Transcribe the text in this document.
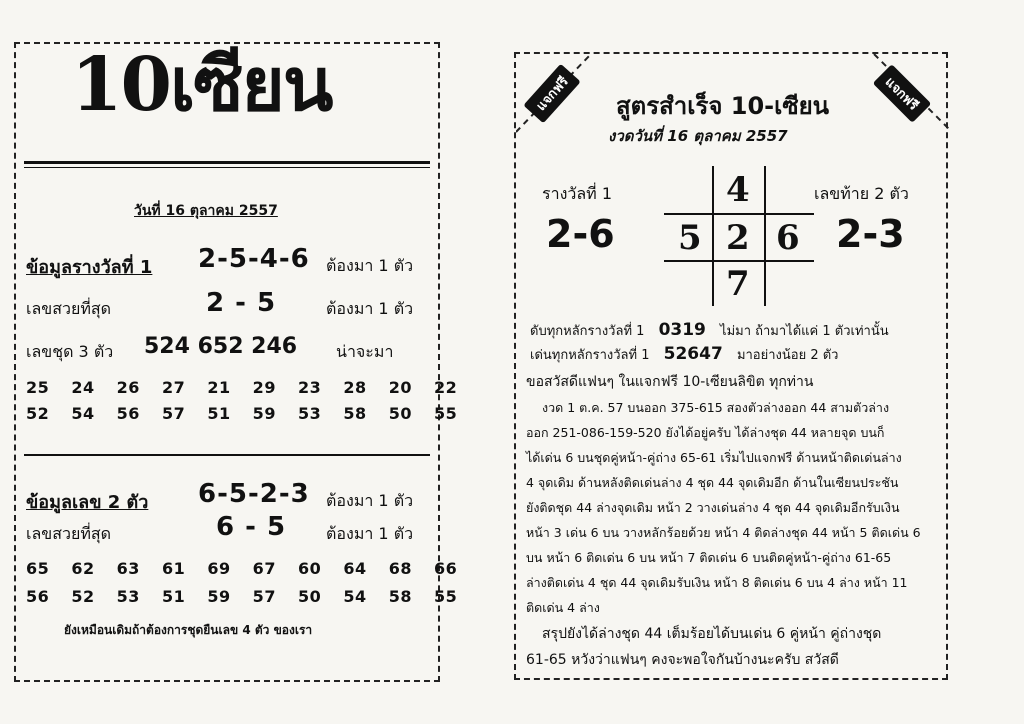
10เซียน
วันที่ 16 ตุลาคม 2557
ข้อมูลรางวัลที่ 1 2-5-4-6 ต้องมา 1 ตัว
เลขสวยที่สุด	2 - 5	ต้องมา 1 ตัว
เลขชุด 3 ตัว 524 652 246 น่าจะมา
25 24 26 27 21 29 23 28 20 22
52 54 56 57 51 59 53 58 50 55
ข้อมูลเลข 2 ตัว 6-5-2-3 ต้องมา 1 ตัว
เลขสวยที่สุด	6 - 5 ต้องมา 1 ตัว
65 62 63 61 69 67 60 64 68 66
56 52 53 51 59 57 50 54 58 55
ยังเหมือนเดิมถ้าต้องการชุดยืนเลข 4 ตัว ของเรา
แจกฟรี	แจกฟรี
สูตรสำเร็จ 10-เซียน
งวดวันที่ 16 ตุลาคม 2557
รางวัลที่ 1
2-6
เลขท้าย 2 ตัว
2-3
4
5 2 6
7
ดับทุกหลักรางวัลที่ 1 0319 ไม่มา ถ้ามาได้แค่ 1 ตัวเท่านั้น
เด่นทุกหลักรางวัลที่ 1 52647 มาอย่างน้อย 2 ตัว
ขอสวัสดีแฟนๆ ในแจกฟรี 10-เซียนลิขิต ทุกท่าน
งวด 1 ต.ค. 57 บนออก 375-615 สองตัวล่างออก 44 สามตัวล่าง
ออก 251-086-159-520 ยังได้อยู่ครับ ได้ล่างชุด 44 หลายจุด บนก็
ได้เด่น 6 บนชุดคู่หน้า-คู่ถ่าง 65-61 เริ่มไปแจกฟรี ด้านหน้าติดเด่นล่าง
4 จุดเดิม ด้านหลังติดเด่นล่าง 4 ชุด 44 จุดเดิมอีก ด้านในเซียนประชัน
ยังติดชุด 44 ล่างจุดเดิม หน้า 2 วางเด่นล่าง 4 ชุด 44 จุดเดิมอีกรับเงิน
หน้า 3 เด่น 6 บน วางหลักร้อยด้วย หน้า 4 ติดล่างชุด 44 หน้า 5 ติดเด่น 6
บน หน้า 6 ติดเด่น 6 บน หน้า 7 ติดเด่น 6 บนติดคู่หน้า-คู่ถ่าง 61-65
ล่างติดเด่น 4 ชุด 44 จุดเดิมรับเงิน หน้า 8 ติดเด่น 6 บน 4 ล่าง หน้า 11
ติดเด่น 4 ล่าง
สรุปยังได้ล่างชุด 44 เต็มร้อยได้บนเด่น 6 คู่หน้า คู่ถ่างชุด
61-65 หวังว่าแฟนๆ คงจะพอใจกันบ้างนะครับ สวัสดี
